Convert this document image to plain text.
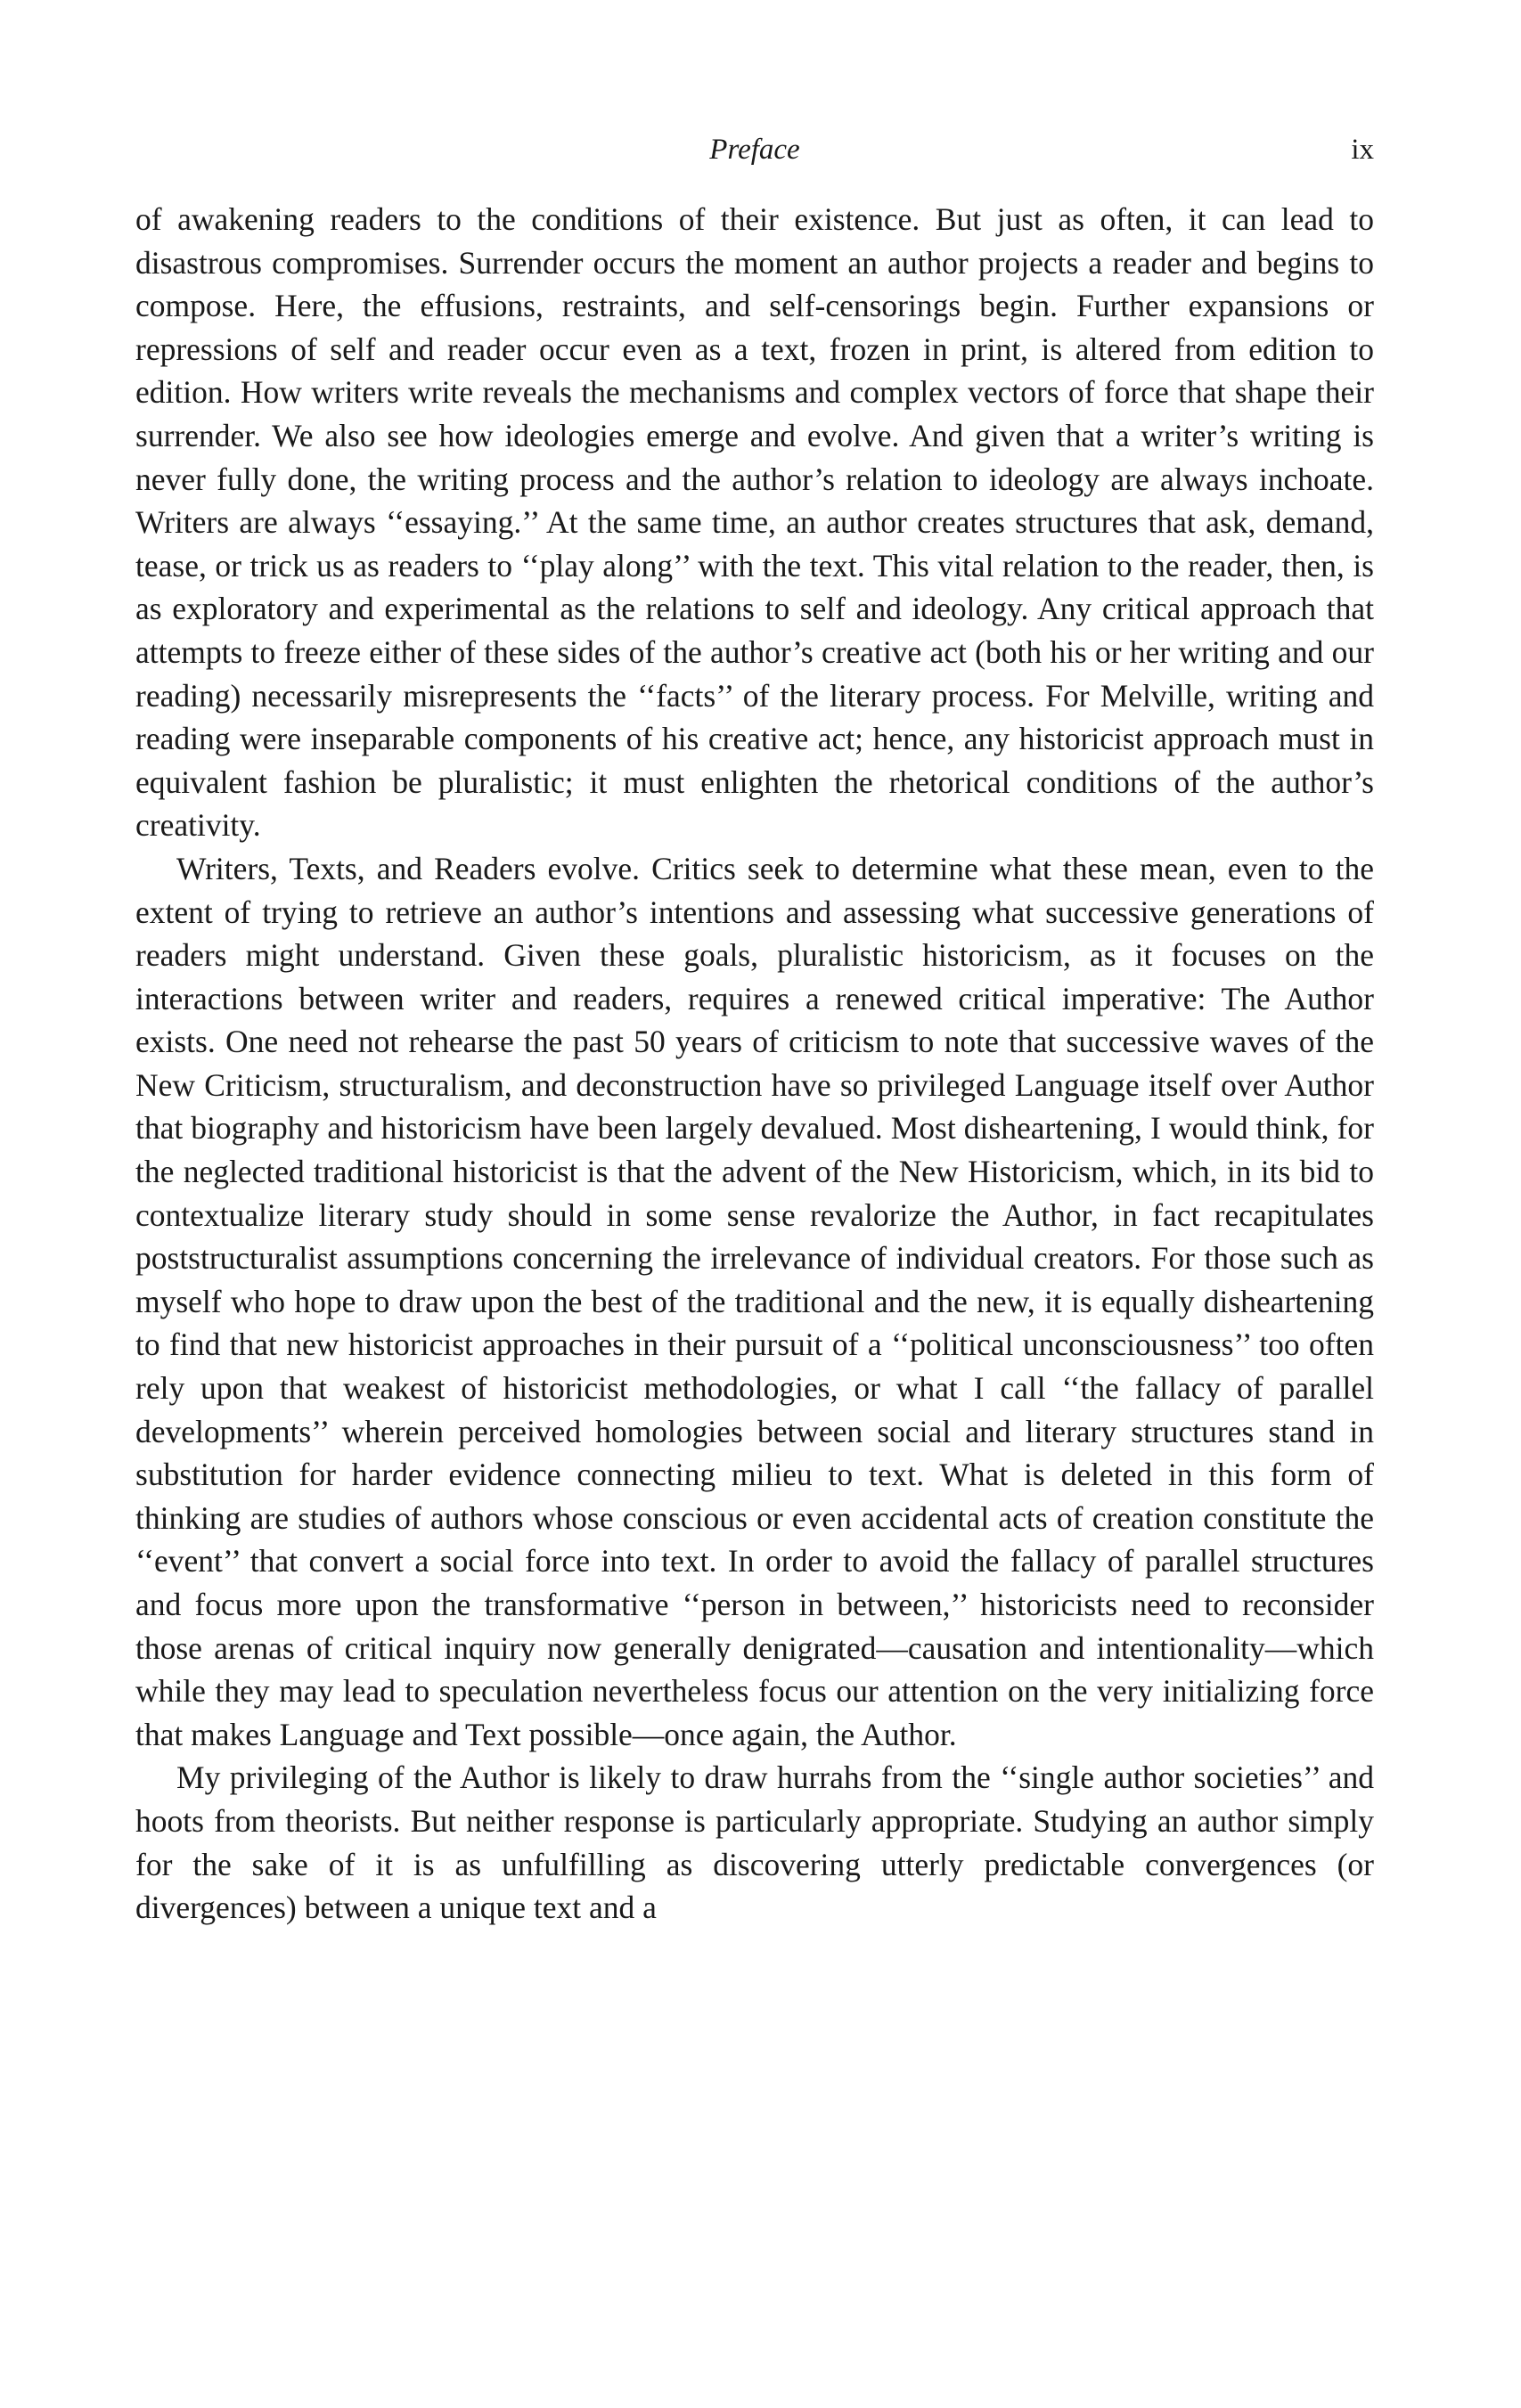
Preface	ix

of awakening readers to the conditions of their existence. But just as often, it can lead to disastrous compromises. Surrender occurs the moment an author projects a reader and begins to compose. Here, the effusions, restraints, and self-censorings begin. Further expansions or repressions of self and reader occur even as a text, frozen in print, is altered from edition to edition. How writers write reveals the mechanisms and complex vectors of force that shape their surrender. We also see how ideologies emerge and evolve. And given that a writer’s writing is never fully done, the writing process and the author’s relation to ideology are always inchoate. Writers are always ‘‘essaying.’’ At the same time, an author creates structures that ask, demand, tease, or trick us as readers to ‘‘play along’’ with the text. This vital relation to the reader, then, is as exploratory and experimental as the relations to self and ideology. Any critical approach that attempts to freeze either of these sides of the author’s creative act (both his or her writing and our reading) necessarily misrepresents the ‘‘facts’’ of the literary process. For Melville, writing and reading were inseparable components of his creative act; hence, any historicist approach must in equivalent fashion be pluralistic; it must enlighten the rhetorical conditions of the author’s creativity.

Writers, Texts, and Readers evolve. Critics seek to determine what these mean, even to the extent of trying to retrieve an author’s intentions and assessing what successive generations of readers might understand. Given these goals, pluralistic historicism, as it focuses on the interactions between writer and readers, requires a renewed critical imperative: The Author exists. One need not rehearse the past 50 years of criticism to note that successive waves of the New Criticism, structuralism, and deconstruction have so privileged Language itself over Author that biography and historicism have been largely devalued. Most disheartening, I would think, for the neglected traditional historicist is that the advent of the New Historicism, which, in its bid to contextualize literary study should in some sense revalorize the Author, in fact recapitulates poststructuralist assumptions concerning the irrelevance of individual creators. For those such as myself who hope to draw upon the best of the traditional and the new, it is equally disheartening to find that new historicist approaches in their pursuit of a ‘‘political unconsciousness’’ too often rely upon that weakest of historicist methodologies, or what I call ‘‘the fallacy of parallel developments’’ wherein perceived homologies between social and literary structures stand in substitution for harder evidence connecting milieu to text. What is deleted in this form of thinking are studies of authors whose conscious or even accidental acts of creation constitute the ‘‘event’’ that convert a social force into text. In order to avoid the fallacy of parallel structures and focus more upon the transformative ‘‘person in between,’’ historicists need to reconsider those arenas of critical inquiry now generally denigrated—causation and intentionality—which while they may lead to speculation nevertheless focus our attention on the very initializing force that makes Language and Text possible—once again, the Author.

My privileging of the Author is likely to draw hurrahs from the ‘‘single author societies’’ and hoots from theorists. But neither response is particularly appropriate. Studying an author simply for the sake of it is as unfulfilling as discovering utterly predictable convergences (or divergences) between a unique text and a
